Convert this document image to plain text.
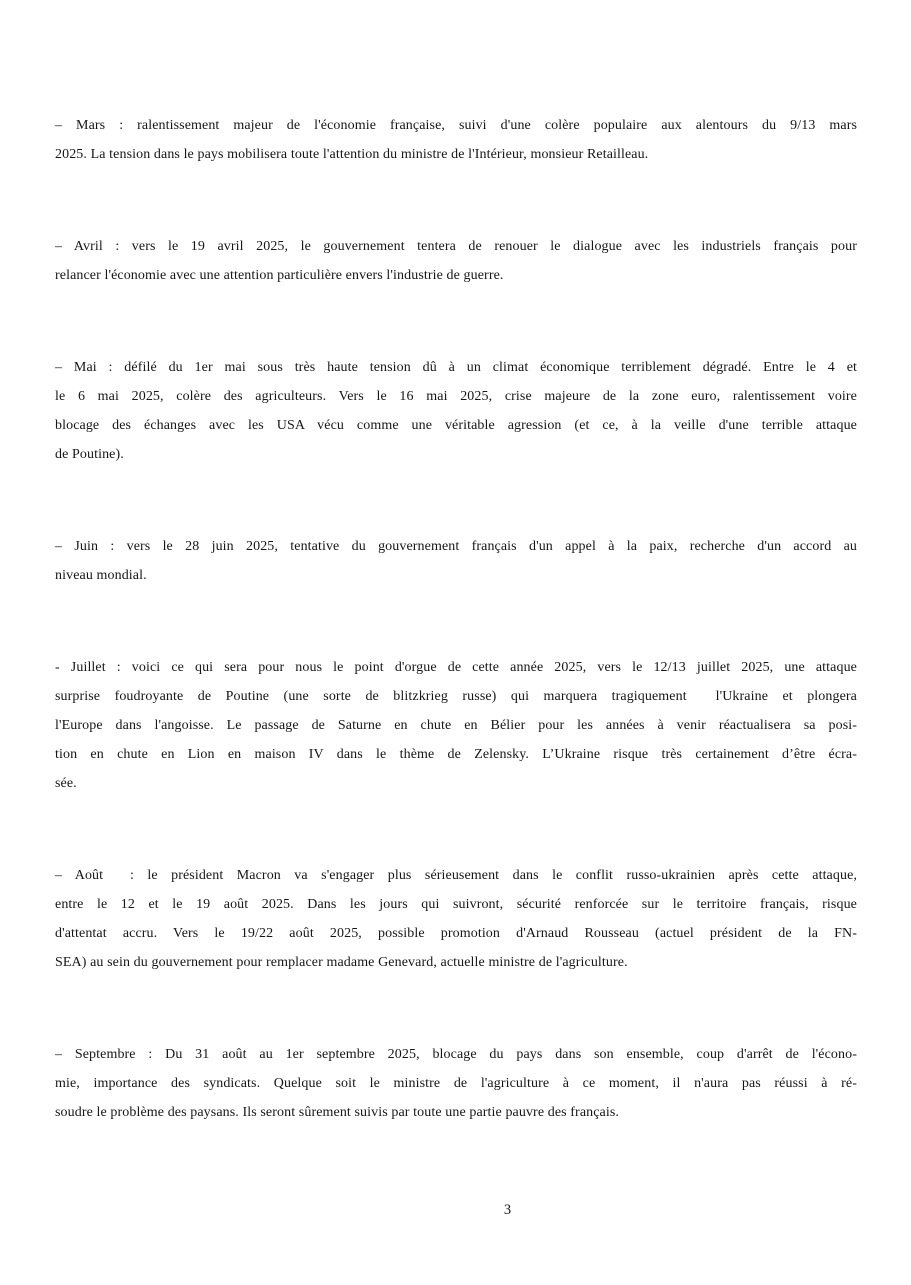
– Mars : ralentissement majeur de l'économie française, suivi d'une colère populaire aux alentours du 9/13 mars
2025. La tension dans le pays mobilisera toute l'attention du ministre de l'Intérieur, monsieur Retailleau.
– Avril : vers le 19 avril 2025, le gouvernement tentera de renouer le dialogue avec les industriels français pour
relancer l'économie avec une attention particulière envers l'industrie de guerre.
– Mai : défilé du 1er mai sous très haute tension dû à un climat économique terriblement dégradé. Entre le 4 et
le 6 mai 2025, colère des agriculteurs. Vers le 16 mai 2025, crise majeure de la zone euro, ralentissement voire
blocage des échanges avec les USA vécu comme une véritable agression (et ce, à la veille d'une terrible attaque
de Poutine).
– Juin : vers le 28 juin 2025, tentative du gouvernement français d'un appel à la paix, recherche d'un accord au
niveau mondial.
- Juillet : voici ce qui sera pour nous le point d'orgue de cette année 2025, vers le 12/13 juillet 2025, une attaque
surprise foudroyante de Poutine (une sorte de blitzkrieg russe) qui marquera tragiquement  l'Ukraine et plongera
l'Europe dans l'angoisse. Le passage de Saturne en chute en Bélier pour les années à venir réactualisera sa posi-
tion en chute en Lion en maison IV dans le thème de Zelensky. L’Ukraine risque très certainement d’être écra-
sée.
– Août  : le président Macron va s'engager plus sérieusement dans le conflit russo-ukrainien après cette attaque,
entre le 12 et le 19 août 2025. Dans les jours qui suivront, sécurité renforcée sur le territoire français, risque
d'attentat accru. Vers le 19/22 août 2025, possible promotion d'Arnaud Rousseau (actuel président de la FN-
SEA) au sein du gouvernement pour remplacer madame Genevard, actuelle ministre de l'agriculture.
– Septembre : Du 31 août au 1er septembre 2025, blocage du pays dans son ensemble, coup d'arrêt de l'écono-
mie, importance des syndicats. Quelque soit le ministre de l'agriculture à ce moment, il n'aura pas réussi à ré-
soudre le problème des paysans. Ils seront sûrement suivis par toute une partie pauvre des français.
3
